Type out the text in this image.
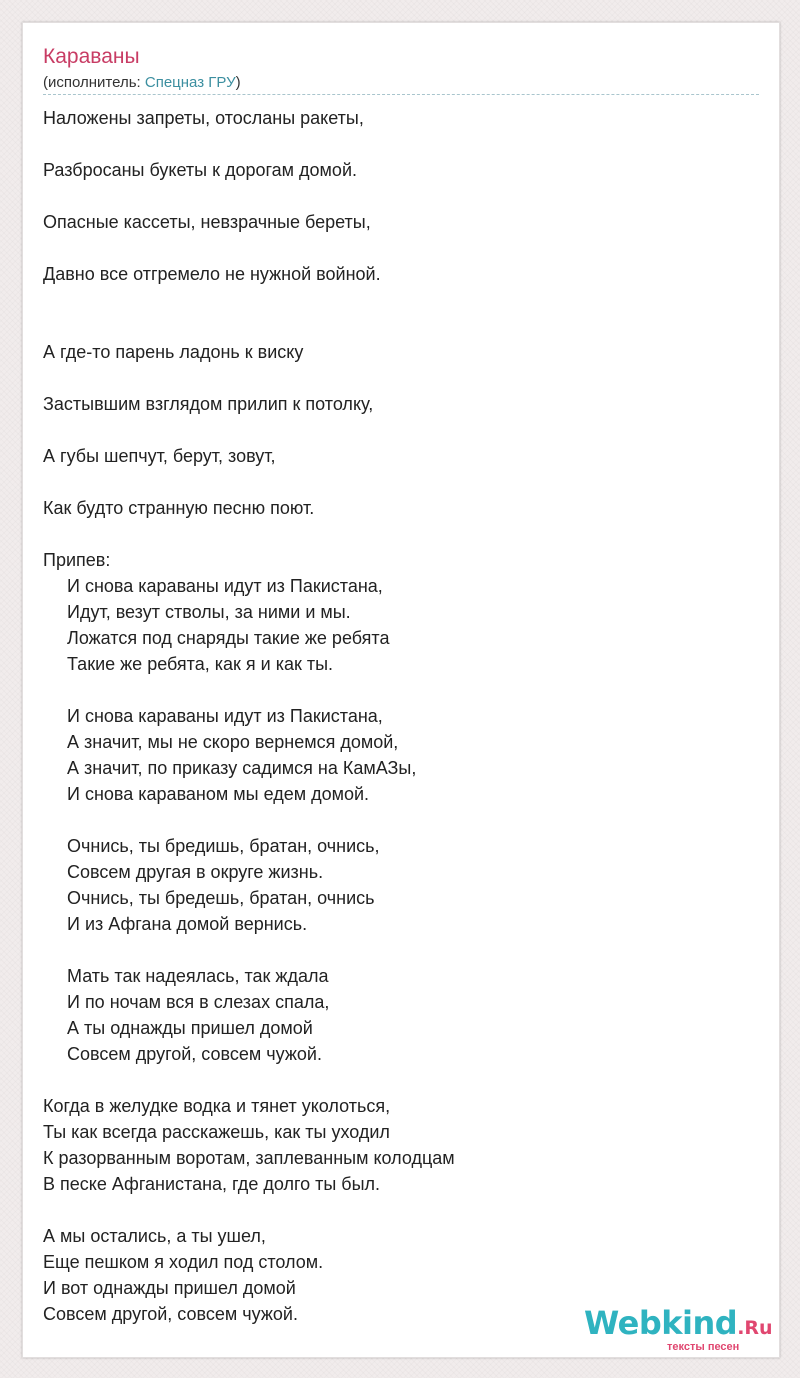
Караваны
(исполнитель: Спецназ ГРУ)
Наложены запреты, отосланы ракеты,
Разбросаны букеты к дорогам домой.
Опасные кассеты, невзрачные береты,
Давно все отгремело не нужной войной.
А где-то парень ладонь к виску
Застывшим взглядом прилип к потолку,
А губы шепчут, берут, зовут,
Как будто странную песню поют.
Припев:
И снова караваны идут из Пакистана,
Идут, везут стволы, за ними и мы.
Ложатся под снаряды такие же ребята
Такие же ребята, как я и как ты.
И снова караваны идут из Пакистана,
А значит, мы не скоро вернемся домой,
А значит, по приказу садимся на КамАЗы,
И снова караваном мы едем домой.
Очнись, ты бредишь, братан, очнись,
Совсем другая в округе жизнь.
Очнись, ты бредешь, братан, очнись
И из Афгана домой вернись.
Мать так надеялась, так ждала
И по ночам вся в слезах спала,
А ты однажды пришел домой
Совсем другой, совсем чужой.
Когда в желудке водка и тянет уколоться,
Ты как всегда расскажешь, как ты уходил
К разорванным воротам, заплеванным колодцам
В песке Афганистана, где долго ты был.
А мы остались, а ты ушел,
Еще пешком я ходил под столом.
И вот однажды пришел домой
Совсем другой, совсем чужой.	Webkind.Ru
тексты песен
